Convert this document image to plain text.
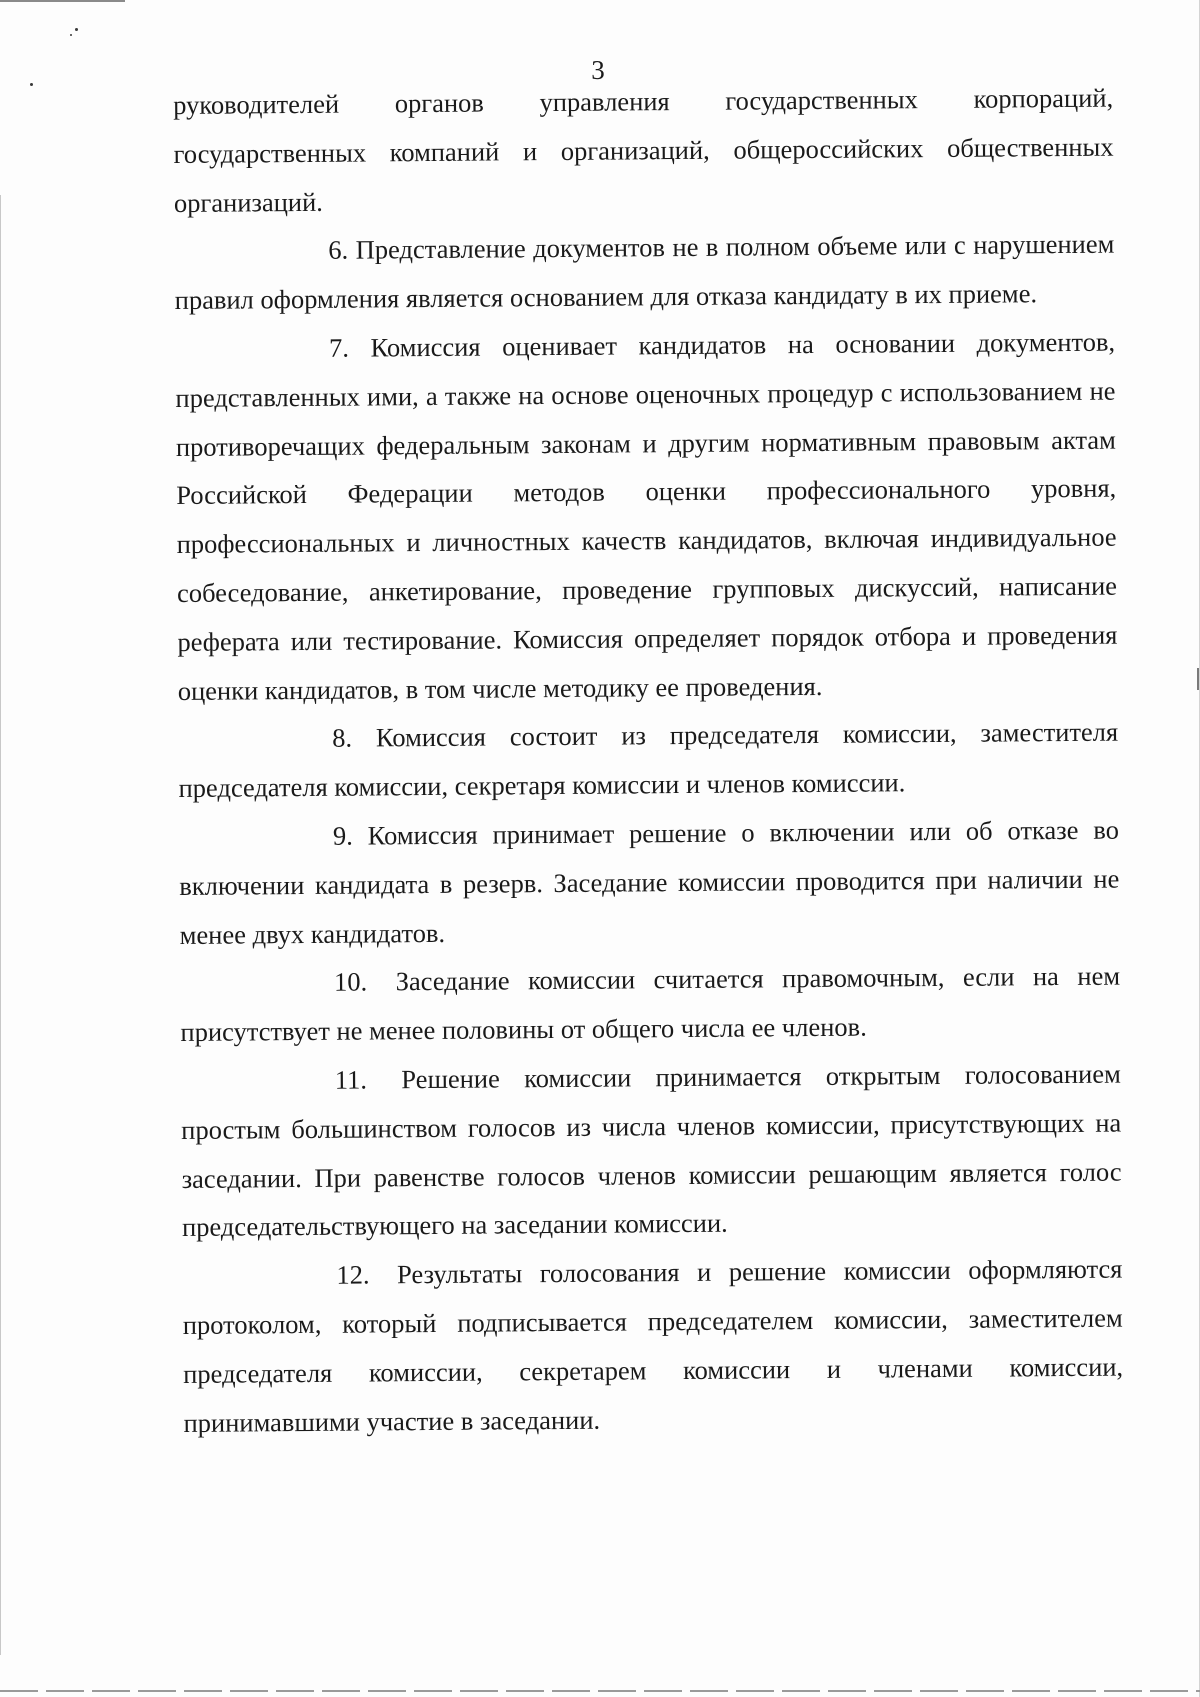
3

руководителей органов управления государственных корпораций, государственных компаний и организаций, общероссийских общественных организаций.

6. Представление документов не в полном объеме или с нарушением правил оформления является основанием для отказа кандидату в их приеме.

7. Комиссия оценивает кандидатов на основании документов, представленных ими, а также на основе оценочных процедур с использованием не противоречащих федеральным законам и другим нормативным правовым актам Российской Федерации методов оценки профессионального уровня, профессиональных и личностных качеств кандидатов, включая индивидуальное собеседование, анкетирование, проведение групповых дискуссий, написание реферата или тестирование. Комиссия определяет порядок отбора и проведения оценки кандидатов, в том числе методику ее проведения.

8. Комиссия состоит из председателя комиссии, заместителя председателя комиссии, секретаря комиссии и членов комиссии.

9. Комиссия принимает решение о включении или об отказе во включении кандидата в резерв. Заседание комиссии проводится при наличии не менее двух кандидатов.

10. Заседание комиссии считается правомочным, если на нем присутствует не менее половины от общего числа ее членов.

11. Решение комиссии принимается открытым голосованием простым большинством голосов из числа членов комиссии, присутствующих на заседании. При равенстве голосов членов комиссии решающим является голос председательствующего на заседании комиссии.

12. Результаты голосования и решение комиссии оформляются протоколом, который подписывается председателем комиссии, заместителем председателя комиссии, секретарем комиссии и членами комиссии, принимавшими участие в заседании.
